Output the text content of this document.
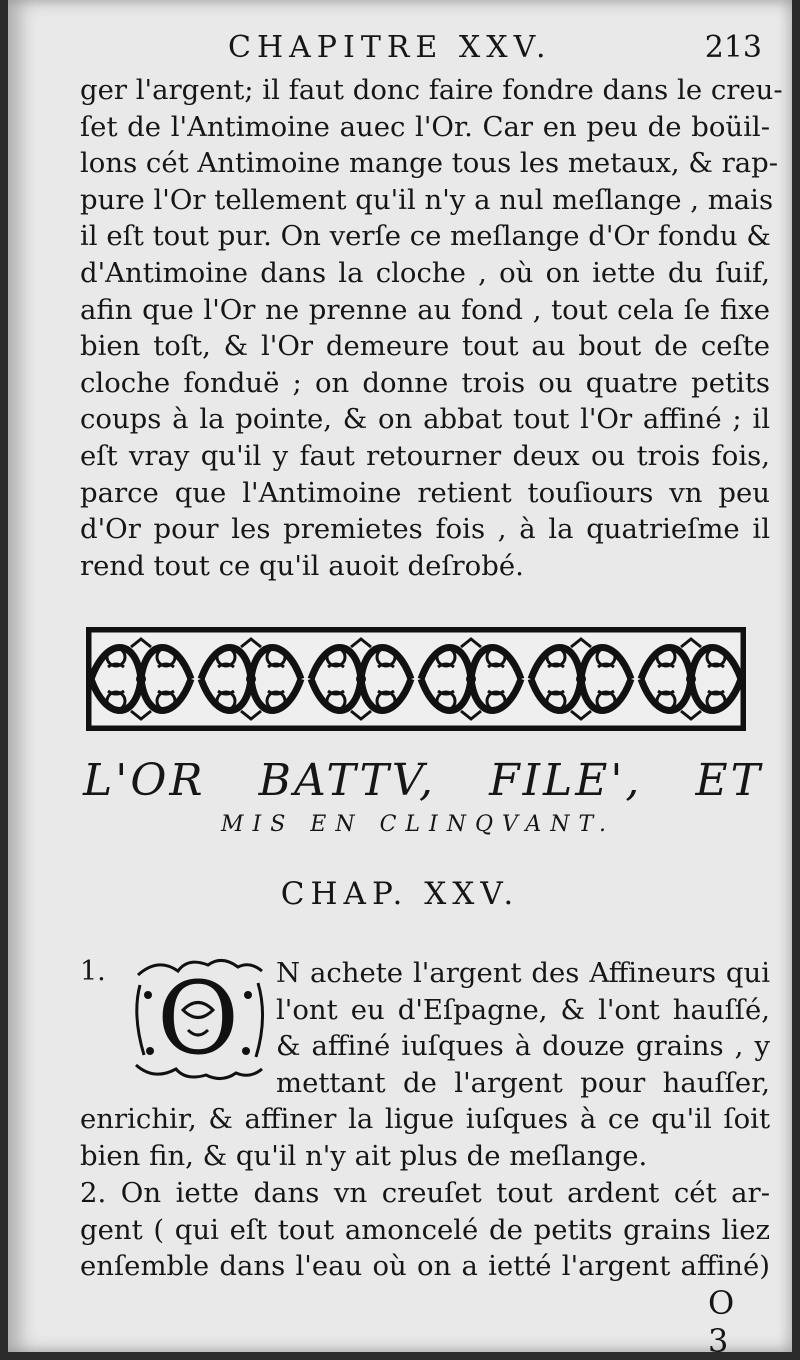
CHAPITRE XXV.	213

ger l'argent; il faut donc faire fondre dans le creu-
ſet de l'Antimoine auec l'Or. Car en peu de boüil-
lons cét Antimoine mange tous les metaux, & rap-
pure l'Or tellement qu'il n'y a nul meſlange , mais
il eſt tout pur. On verſe ce meſlange d'Or fondu &
d'Antimoine dans la cloche , où on iette du ſuif,
afin que l'Or ne prenne au fond , tout cela ſe fixe
bien toſt, & l'Or demeure tout au bout de ceſte
cloche fonduë ; on donne trois ou quatre petits
coups à la pointe, & on abbat tout l'Or affiné ; il
eſt vray qu'il y faut retourner deux ou trois fois,
parce que l'Antimoine retient touſiours vn peu
d'Or pour les premietes fois , à la quatrieſme il
rend tout ce qu'il auoit deſrobé.

L'OR BATTV, FILE', ET
MIS EN CLINQVANT.
CHAP. XXV.
1. O N achete l'argent des Affineurs qui
l'ont eu d'Eſpagne, & l'ont hauſſé,
& affiné iuſques à douze grains , y
mettant de l'argent pour hauſſer,

enrichir, & affiner la ligue iuſques à ce qu'il ſoit
bien fin, & qu'il n'y ait plus de meſlange.

2. On iette dans vn creuſet tout ardent cét ar-
gent ( qui eſt tout amoncelé de petits grains liez
enſemble dans l'eau où on a ietté l'argent affiné)

O 3
